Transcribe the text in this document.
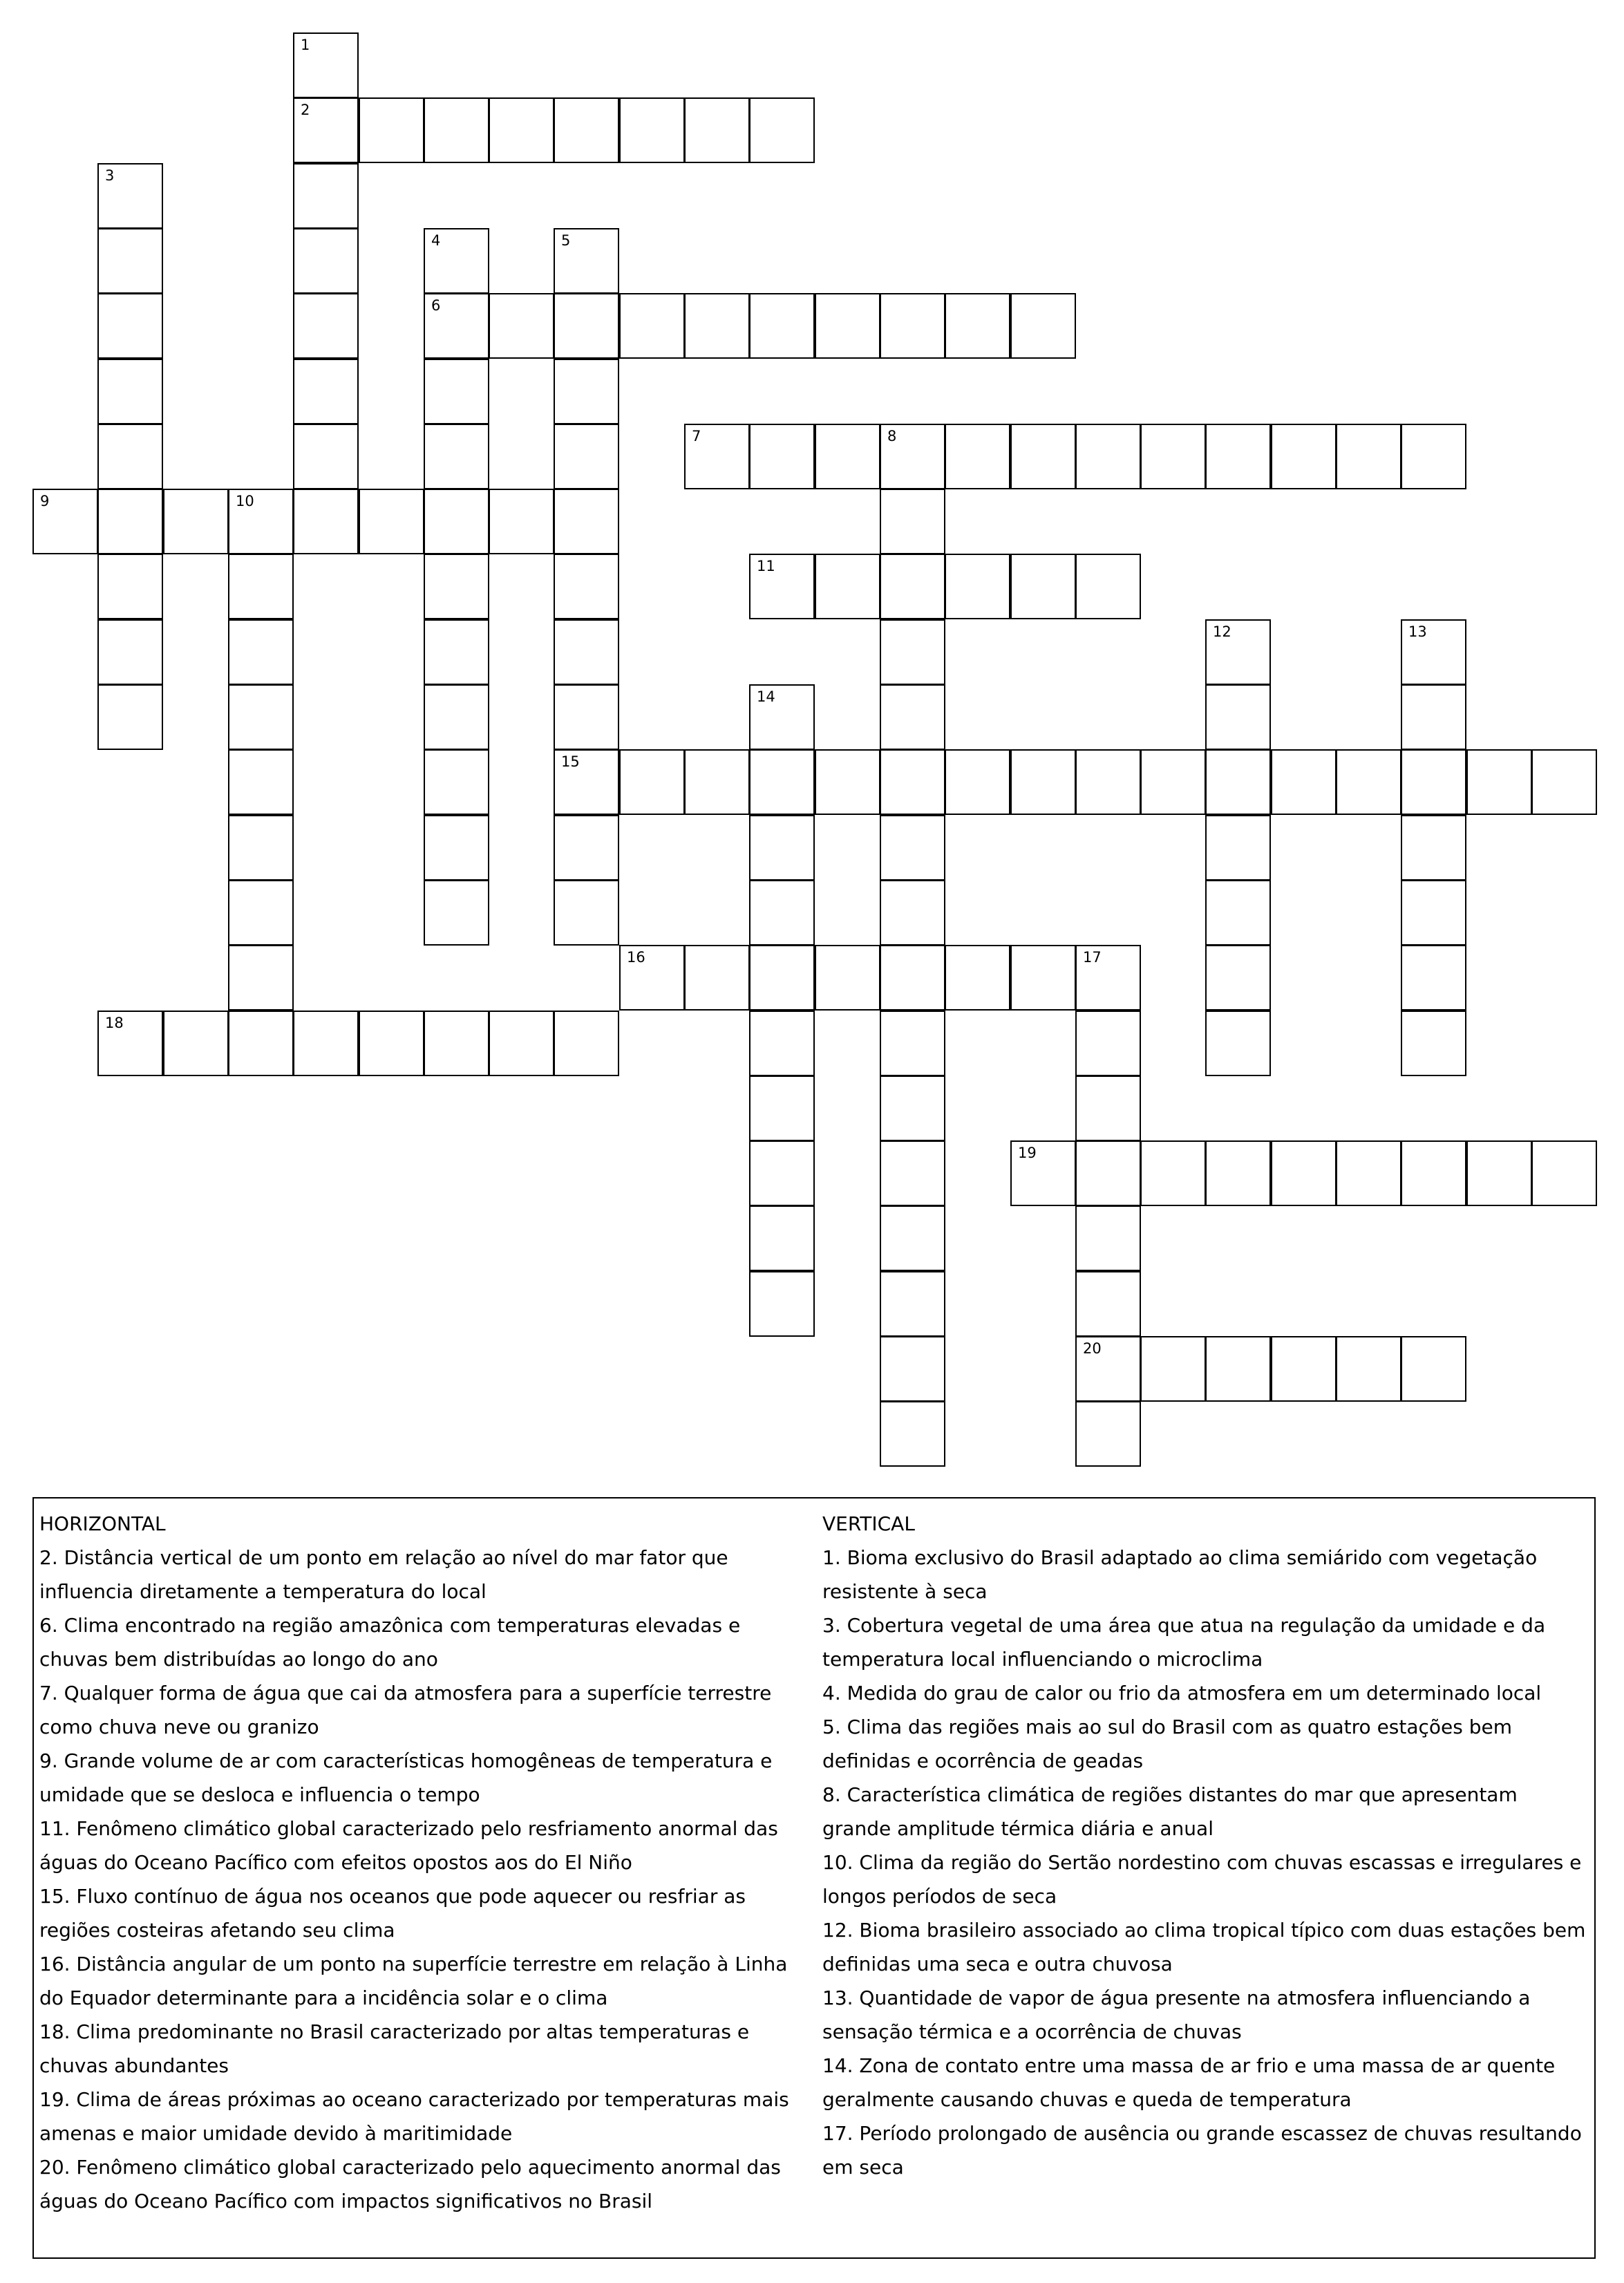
2
6
7	8
9	10
11
15
16	17
18
19
20
1
3
4	5
12	13
14
HORIZONTAL
2. Distância vertical de um ponto em relação ao nível do mar fator que influencia diretamente a temperatura do local
6. Clima encontrado na região amazônica com temperaturas elevadas e chuvas bem distribuídas ao longo do ano
7. Qualquer forma de água que cai da atmosfera para a superfície terrestre como chuva neve ou granizo
9. Grande volume de ar com características homogêneas de temperatura e umidade que se desloca e influencia o tempo
11. Fenômeno climático global caracterizado pelo resfriamento anormal das águas do Oceano Pacífico com efeitos opostos aos do El Niño
15. Fluxo contínuo de água nos oceanos que pode aquecer ou resfriar as regiões costeiras afetando seu clima
16. Distância angular de um ponto na superfície terrestre em relação à Linha do Equador determinante para a incidência solar e o clima
18. Clima predominante no Brasil caracterizado por altas temperaturas e chuvas abundantes
19. Clima de áreas próximas ao oceano caracterizado por temperaturas mais amenas e maior umidade devido à maritimidade
20. Fenômeno climático global caracterizado pelo aquecimento anormal das águas do Oceano Pacífico com impactos significativos no Brasil
VERTICAL
1. Bioma exclusivo do Brasil adaptado ao clima semiárido com vegetação resistente à seca
3. Cobertura vegetal de uma área que atua na regulação da umidade e da temperatura local influenciando o microclima
4. Medida do grau de calor ou frio da atmosfera em um determinado local
5. Clima das regiões mais ao sul do Brasil com as quatro estações bem definidas e ocorrência de geadas
8. Característica climática de regiões distantes do mar que apresentam grande amplitude térmica diária e anual
10. Clima da região do Sertão nordestino com chuvas escassas e irregulares e longos períodos de seca
12. Bioma brasileiro associado ao clima tropical típico com duas estações bem definidas uma seca e outra chuvosa
13. Quantidade de vapor de água presente na atmosfera influenciando a sensação térmica e a ocorrência de chuvas
14. Zona de contato entre uma massa de ar frio e uma massa de ar quente geralmente causando chuvas e queda de temperatura
17. Período prolongado de ausência ou grande escassez de chuvas resultando em seca
